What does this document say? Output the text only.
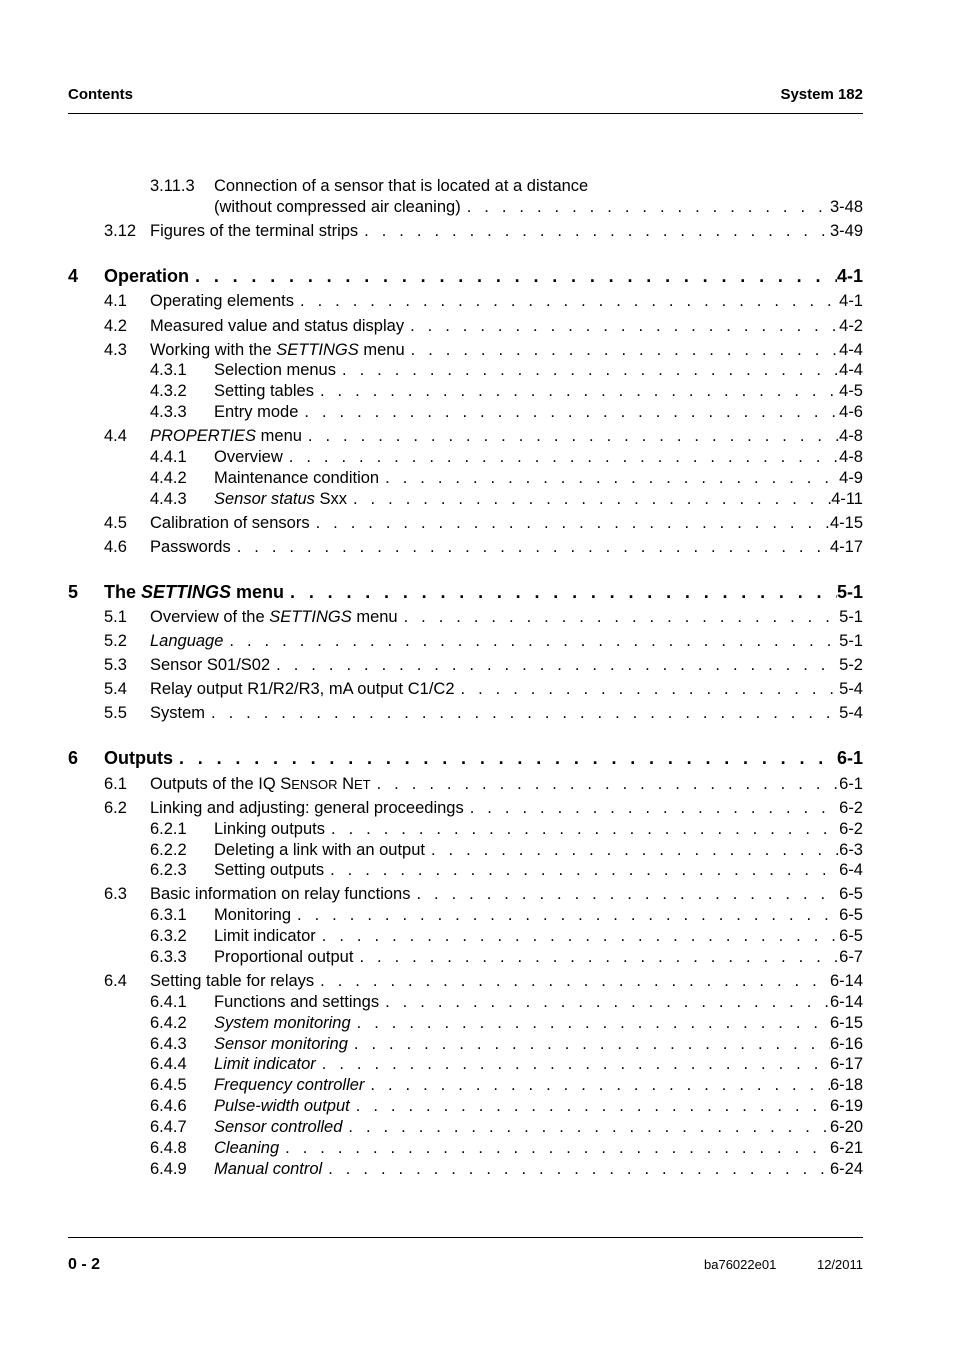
Contents	System 182
3.11.3 Connection of a sensor that is located at a distance
(without compressed air cleaning) . . .	3-48
3.12 Figures of the terminal strips . . .	3-49
4 Operation . . .	4-1
4.1 Operating elements . . .	4-1
4.2 Measured value and status display . . .	4-2
4.3 Working with the SETTINGS menu . . .	4-4
4.3.1 Selection menus . . .	4-4
4.3.2 Setting tables . . .	4-5
4.3.3 Entry mode . . .	4-6
4.4 PROPERTIES menu . . .	4-8
4.4.1 Overview . . .	4-8
4.4.2 Maintenance condition . . .	4-9
4.4.3 Sensor status Sxx . . .	4-11
4.5 Calibration of sensors . . .	4-15
4.6 Passwords . . .	4-17
5 The SETTINGS menu . . .	5-1
5.1 Overview of the SETTINGS menu . . .	5-1
5.2 Language . . .	5-1
5.3 Sensor S01/S02 . . .	5-2
5.4 Relay output R1/R2/R3, mA output C1/C2 . . .	5-4
5.5 System . . .	5-4
6 Outputs . . .	6-1
6.1 Outputs of the IQ SENSOR NET . . .	6-1
6.2 Linking and adjusting: general proceedings . . .	6-2
6.2.1 Linking outputs . . .	6-2
6.2.2 Deleting a link with an output . . .	6-3
6.2.3 Setting outputs . . .	6-4
6.3 Basic information on relay functions . . .	6-5
6.3.1 Monitoring . . .	6-5
6.3.2 Limit indicator . . .	6-5
6.3.3 Proportional output . . .	6-7
6.4 Setting table for relays . . .	6-14
6.4.1 Functions and settings . . .	6-14
6.4.2 System monitoring . . .	6-15
6.4.3 Sensor monitoring . . .	6-16
6.4.4 Limit indicator . . .	6-17
6.4.5 Frequency controller . . .	6-18
6.4.6 Pulse-width output . . .	6-19
6.4.7 Sensor controlled . . .	6-20
6.4.8 Cleaning . . .	6-21
6.4.9 Manual control . . .	6-24
0 - 2	ba76022e01	12/2011
